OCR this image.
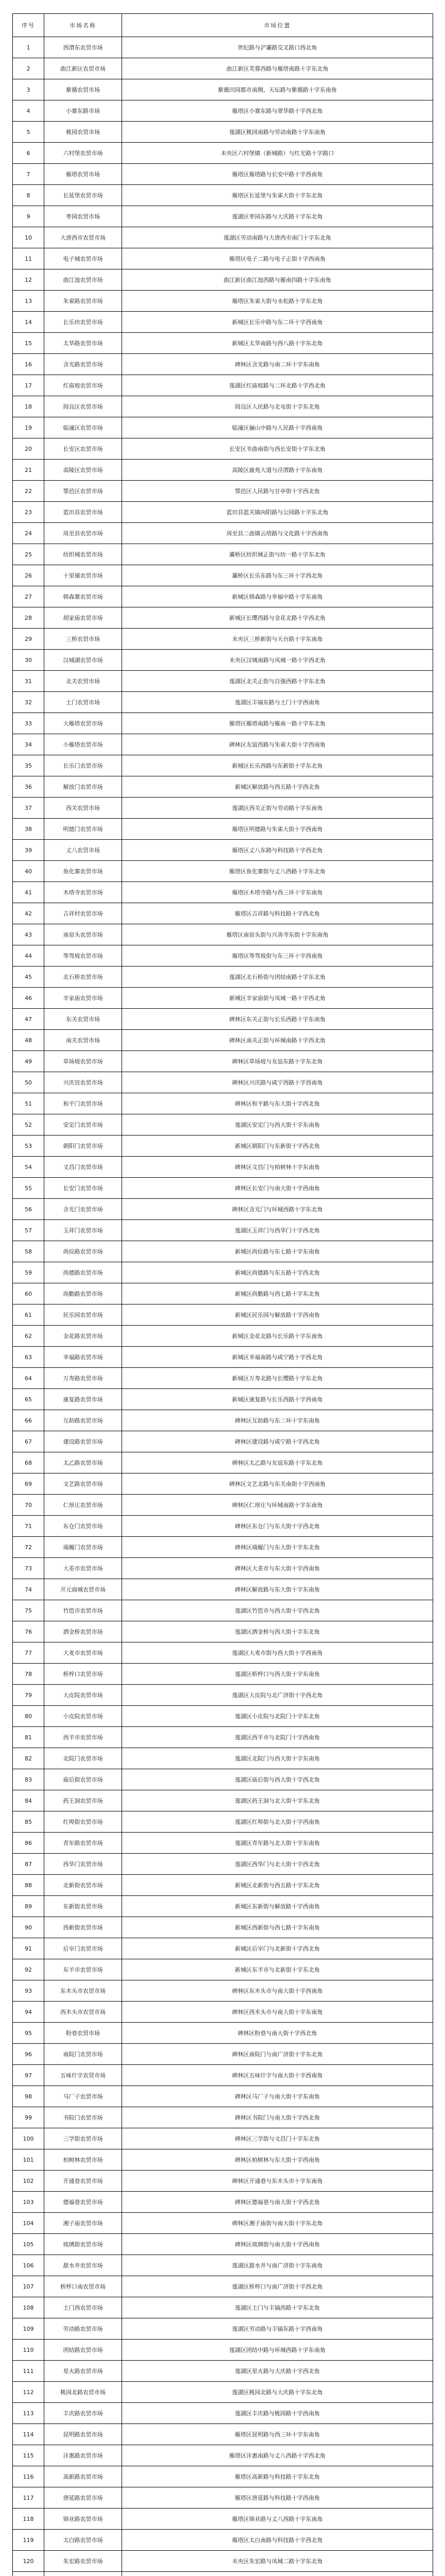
序号	市场名称	市场位置
1	西渭东农贸市场	世纪路与浐灞路交叉路口西北角
2	曲江新区农贸市场	曲江新区芙蓉西路与雁塔南路十字东北角
3	紫薇农贸市场	紫薇田园都市南侧，天坛路与紫薇路十字东南角
4	小寨东路市场	雁塔区小寨东路与翠华路十字西北角
5	桃园农贸市场	莲湖区桃园南路与劳动南路十字东南角
6	六村堡农贸市场	未央区六村堡镇（新城路）与红光路十字路口
7	雁塔农贸市场	雁塔区雁塔路与长安中路十字西南角
8	长延堡农贸市场	雁塔区长延堡与朱雀大街十字东北角
9	枣园农贸市场	莲湖区枣园东路与大庆路十字东北角
10	大唐西市农贸市场	莲湖区劳动南路与大唐西市南门十字东北角
11	电子城农贸市场	雁塔区电子二路与电子正街十字西南角
12	曲江池农贸市场	曲江新区曲江池西路与雁南四路十字东南角
13	朱雀路农贸市场	雁塔区朱雀大街与永松路十字东北角
14	长乐坊农贸市场	新城区长乐中路与东二环十字西南角
15	太华路农贸市场	新城区太华南路与西八路十字东北角
16	含光路农贸市场	碑林区含光路与南二环十字东南角
17	红庙坡农贸市场	莲湖区红庙坡路与二环北路十字西北角
18	阎良区农贸市场	阎良区人民路与北屯街十字东北角
19	临潼区农贸市场	临潼区骊山中路与人民路十字西南角
20	长安区农贸市场	长安区韦曲南街与西长安街十字东北角
21	高陵区农贸市场	高陵区鹿苑大道与泾渭路十字东南角
22	鄠邑区农贸市场	鄠邑区人民路与甘亭街十字西北角
23	蓝田县农贸市场	蓝田县蓝关镇向阳路与公园路十字东北角
24	周至县农贸市场	周至县二曲镇云塔路与文化路十字西南角
25	纺织城农贸市场	灞桥区纺织城正街与纺一路十字东北角
26	十里铺农贸市场	灞桥区长乐东路与东三环十字西北角
27	韩森寨农贸市场	新城区韩森路与幸福中路十字东南角
28	胡家庙农贸市场	新城区长缨西路与金花北路十字西北角
29	三桥农贸市场	未央区三桥新街与天台路十字东南角
30	汉城湖农贸市场	未央区汉城南路与凤城一路十字西北角
31	北关农贸市场	莲湖区北关正街与自强西路十字东北角
32	土门农贸市场	莲湖区丰镐东路与土门十字西南角
33	大雁塔农贸市场	雁塔区雁塔南路与雁南一路十字东北角
34	小雁塔农贸市场	碑林区友谊西路与朱雀大街十字西南角
35	长乐门农贸市场	新城区长乐西路与东新街十字东北角
36	解放门农贸市场	新城区解放路与西五路十字西北角
37	西关农贸市场	莲湖区西关正街与劳动路十字东南角
38	明德门农贸市场	雁塔区明德路与朱雀大街十字西南角
39	丈八农贸市场	雁塔区丈八东路与科技路十字西北角
40	鱼化寨农贸市场	雁塔区鱼化寨街与丈八西路十字东北角
41	木塔寺农贸市场	雁塔区木塔寺路与西三环十字东南角
42	吉祥村农贸市场	雁塔区吉祥路与科技路十字西北角
43	南窑头农贸市场	雁塔区南窑头街与兴善寺东街十字东南角
44	等驾坡农贸市场	雁塔区等驾坡街与东三环十字西南角
45	北石桥农贸市场	莲湖区北石桥街与团结南路十字东北角
46	辛家庙农贸市场	新城区辛家庙街与凤城一路十字西北角
47	东关农贸市场	碑林区东关正街与长乐西路十字东南角
48	南关农贸市场	碑林区南关正街与环城南路十字西北角
49	草场坡农贸市场	碑林区草场坡与友谊东路十字东北角
50	兴庆宫农贸市场	碑林区兴庆路与咸宁西路十字西南角
51	和平门农贸市场	碑林区和平路与东大街十字西北角
52	安定门农贸市场	莲湖区安定门与西大街十字东南角
53	朝阳门农贸市场	新城区朝阳门与东新街十字西北角
54	文昌门农贸市场	碑林区文昌门与柏树林十字东南角
55	长安门农贸市场	碑林区长安门与南大街十字西南角
56	含光门农贸市场	碑林区含光门与环城西路十字东北角
57	玉祥门农贸市场	莲湖区玉祥门与西华门十字西北角
58	尚俭路农贸市场	新城区尚俭路与东七路十字东南角
59	尚德路农贸市场	新城区尚德路与东五路十字西北角
60	尚勤路农贸市场	新城区尚勤路与西七路十字东北角
61	民乐园农贸市场	新城区民乐园与解放路十字西南角
62	金花路农贸市场	新城区金花北路与长乐路十字东南角
63	幸福路农贸市场	新城区幸福南路与咸宁路十字西北角
64	万寿路农贸市场	新城区万寿北路与长缨路十字东北角
65	康复路农贸市场	新城区康复路与长乐西路十字西南角
66	互助路农贸市场	碑林区互助路与东二环十字东南角
67	建设路农贸市场	碑林区建设路与咸宁路十字西北角
68	太乙路农贸市场	碑林区太乙路与友谊东路十字东北角
69	文艺路农贸市场	碑林区文艺北路与东关南街十字西南角
70	仁厚庄农贸市场	碑林区仁厚庄与环城南路十字东南角
71	东仓门农贸市场	碑林区东仓门与东大街十字西北角
72	端履门农贸市场	碑林区端履门与东大街十字东北角
73	大差市农贸市场	碑林区大差市与东大街十字西南角
74	开元商城农贸市场	碑林区解放路与东大街十字东南角
75	竹笆市农贸市场	莲湖区竹笆市与西大街十字西北角
76	洒金桥农贸市场	莲湖区洒金桥与西大街十字东北角
77	大麦市农贸市场	莲湖区大麦市街与西大街十字西南角
78	桥梓口农贸市场	莲湖区桥梓口与西大街十字东南角
79	大皮院农贸市场	莲湖区大皮院与北广济街十字西北角
80	小皮院农贸市场	莲湖区小皮院与北院门十字东北角
81	西羊市农贸市场	莲湖区西羊市与北院门十字西南角
82	北院门农贸市场	莲湖区北院门与西大街十字东南角
83	庙后街农贸市场	莲湖区庙后街与西大街十字西北角
84	药王洞农贸市场	莲湖区药王洞与北大街十字东北角
85	红埠街农贸市场	莲湖区红埠街与北大街十字西南角
86	青年路农贸市场	莲湖区青年路与北大街十字东南角
87	西华门农贸市场	莲湖区西华门与北大街十字西北角
88	北新街农贸市场	新城区北新街与西五路十字东北角
89	东新街农贸市场	新城区东新街与解放路十字西南角
90	西新街农贸市场	新城区西新街与西七路十字东南角
91	后宰门农贸市场	新城区后宰门与北新街十字西北角
92	东羊市农贸市场	新城区东羊市与北新街十字东北角
93	东木头市农贸市场	碑林区东木头市与南大街十字西南角
94	西木头市农贸市场	碑林区西木头市与南大街十字东南角
95	粉巷农贸市场	碑林区粉巷与南大街十字西北角
96	南院门农贸市场	碑林区南院门与南广济街十字东北角
97	五味什字农贸市场	碑林区五味什字与南大街十字西南角
98	马厂子农贸市场	碑林区马厂子与南大街十字东南角
99	书院门农贸市场	碑林区书院门与南大街十字西北角
100	三学街农贸市场	碑林区三学街与文昌门十字东北角
101	柏树林农贸市场	碑林区柏树林与东大街十字西南角
102	开通巷农贸市场	碑林区开通巷与东木头市十字东南角
103	德福巷农贸市场	碑林区德福巷与南大街十字西北角
104	湘子庙农贸市场	碑林区湘子庙街与南大街十字东北角
105	琉璃街农贸市场	碑林区琉璃街与南大街十字西南角
106	甜水井农贸市场	莲湖区甜水井与南广济街十字东南角
107	桥梓口南农贸市场	莲湖区桥梓口与南广济街十字西北角
108	土门西农贸市场	莲湖区土门与丰镐西路十字东北角
109	劳动路农贸市场	莲湖区劳动路与丰镐东路十字西南角
110	团结路农贸市场	莲湖区团结中路与环城西路十字东南角
111	星火路农贸市场	莲湖区星火路与大庆路十字西北角
112	桃园北路农贸市场	莲湖区桃园北路与大庆路十字东北角
113	丰庆路农贸市场	莲湖区丰庆路与桃园路十字西南角
114	昆明路农贸市场	雁塔区昆明路与西三环十字东南角
115	沣惠路农贸市场	雁塔区沣惠南路与丈八西路十字西北角
116	高新路农贸市场	雁塔区高新路与科技路十字东北角
117	唐延路农贸市场	雁塔区唐延路与科技路十字西南角
118	锦业路农贸市场	雁塔区锦业路与丈八西路十字东南角
119	太白路农贸市场	雁塔区太白南路与科技路十字西北角
120	朱宏路农贸市场	未央区朱宏路与凤城二路十字东北角
